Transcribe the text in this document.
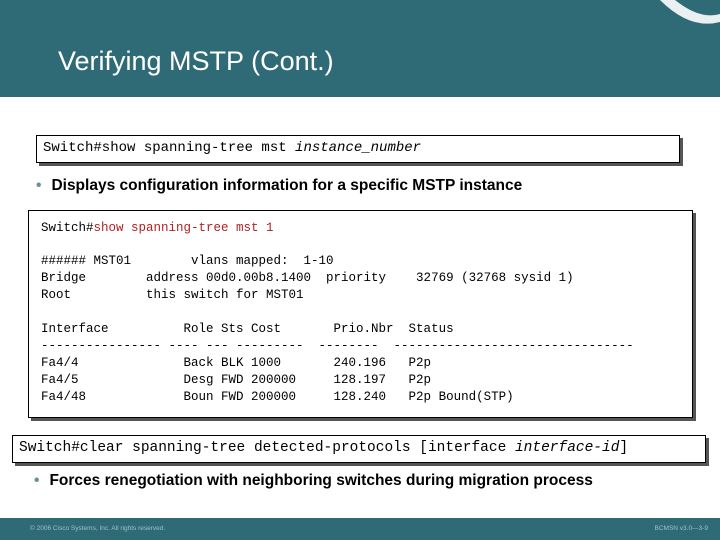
Verifying MSTP (Cont.)
Switch#show spanning-tree mst instance_number
• Displays configuration information for a specific MSTP instance
Switch#show spanning-tree mst 1
###### MST01        vlans mapped:  1-10
Bridge        address 00d0.00b8.1400  priority    32769 (32768 sysid 1)
Root          this switch for MST01
Interface          Role Sts Cost       Prio.Nbr  Status
---------------- ---- --- ---------  --------  --------------------------------
Fa4/4              Back BLK 1000       240.196   P2p
Fa4/5              Desg FWD 200000     128.197   P2p
Fa4/48             Boun FWD 200000     128.240   P2p Bound(STP)
Switch#clear spanning-tree detected-protocols [interface interface-id]
• Forces renegotiation with neighboring switches during migration process
© 2006 Cisco Systems, Inc. All rights reserved.	BCMSN v3.0—3-9
